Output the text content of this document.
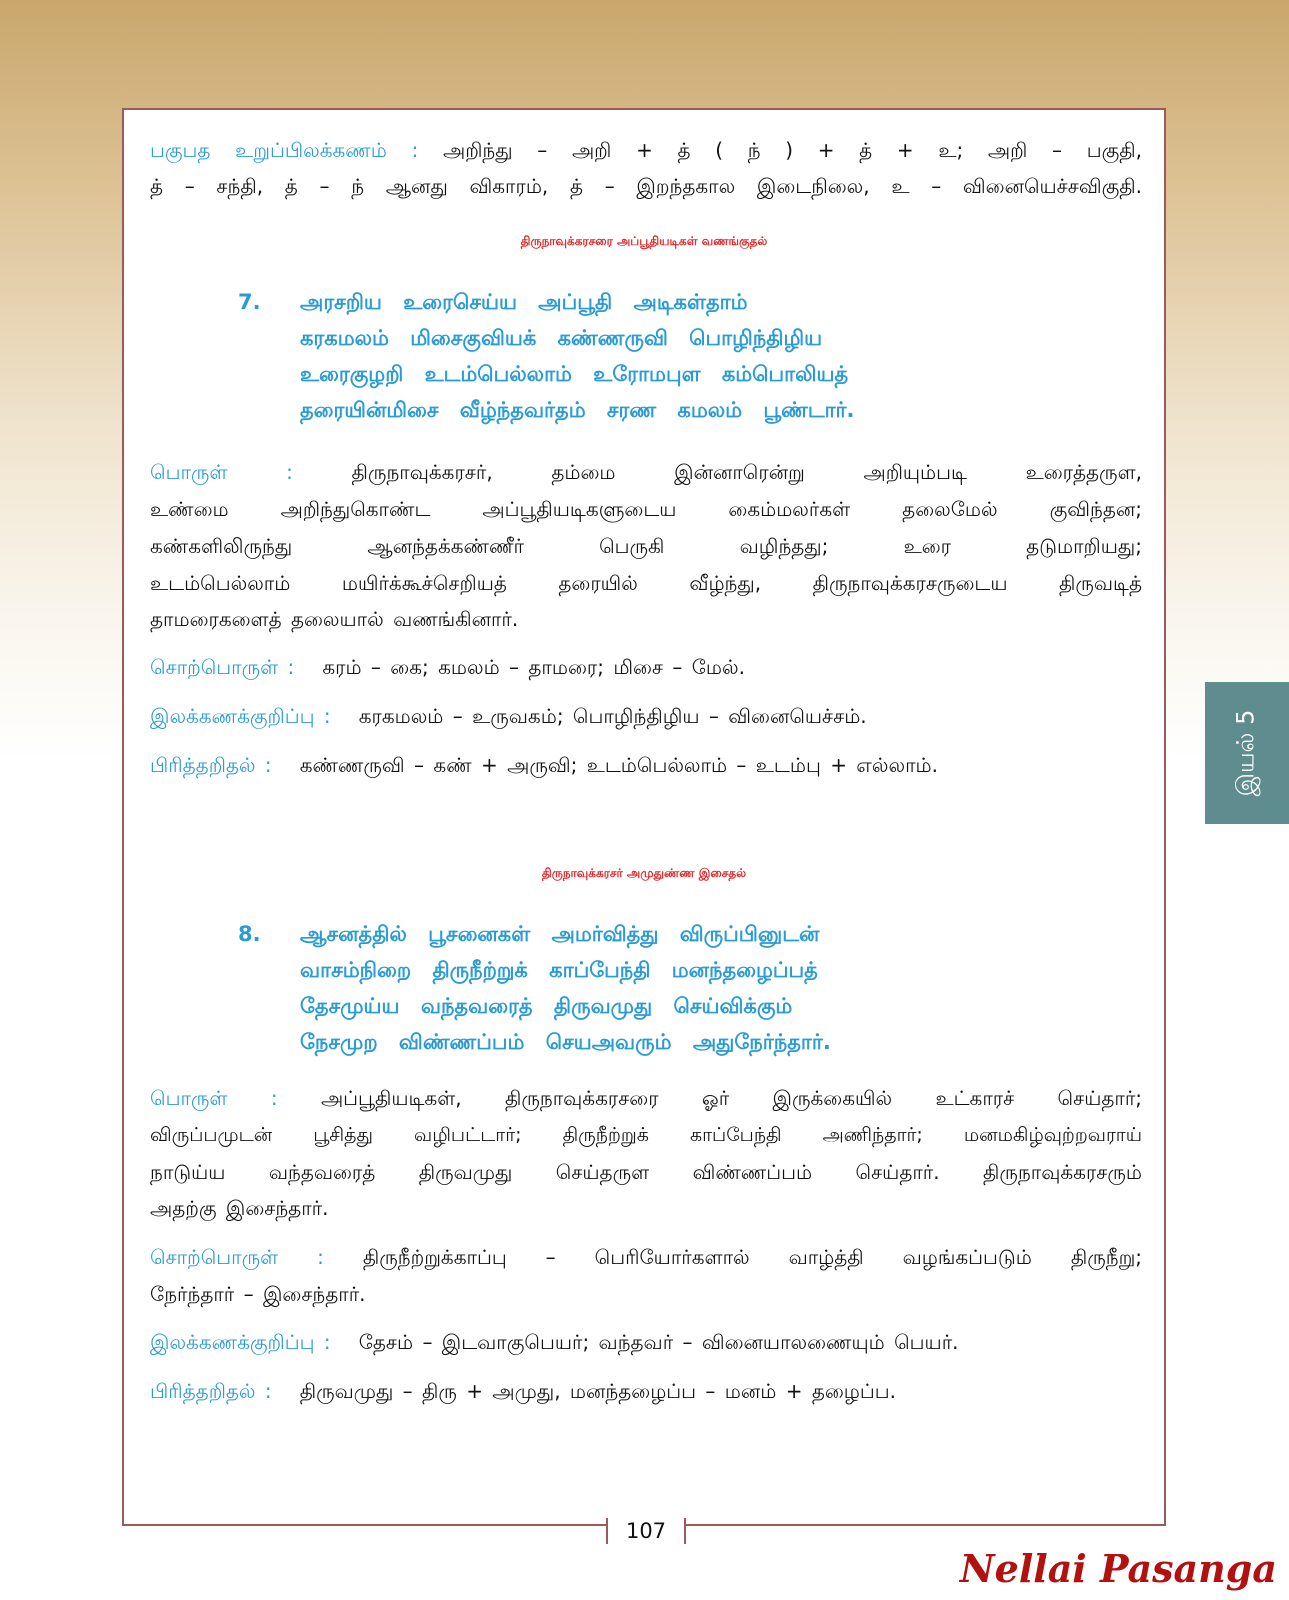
பகுபத உறுப்பிலக்கணம் : அறிந்து – அறி + த் ( ந் ) + த் + உ; அறி – பகுதி,
த் – சந்தி, த் – ந் ஆனது விகாரம், த் – இறந்தகால இடைநிலை, உ – வினையெச்சவிகுதி.
திருநாவுக்கரசரை அப்பூதியடிகள் வணங்குதல்
7. அரசறிய உரைசெய்ய அப்பூதி அடிகள்தாம்
கரகமலம் மிசைகுவியக் கண்ணருவி பொழிந்திழிய
உரைகுழறி உடம்பெல்லாம் உரோமபுள கம்பொலியத்
தரையின்மிசை வீழ்ந்தவர்தம் சரண கமலம் பூண்டார்.
பொருள் :	திருநாவுக்கரசர், தம்மை இன்னாரென்று அறியும்படி உரைத்தருள,
உண்மை அறிந்துகொண்ட அப்பூதியடிகளுடைய கைம்மலர்கள் தலைமேல் குவிந்தன;
கண்களிலிருந்து ஆனந்தக்கண்ணீர் பெருகி வழிந்தது; உரை தடுமாறியது;
உடம்பெல்லாம் மயிர்க்கூச்செறியத் தரையில் வீழ்ந்து, திருநாவுக்கரசருடைய திருவடித்
தாமரைகளைத் தலையால் வணங்கினார்.
சொற்பொருள் : கரம் – கை; கமலம் – தாமரை; மிசை – மேல்.
இலக்கணக்குறிப்பு : கரகமலம் – உருவகம்; பொழிந்திழிய – வினையெச்சம்.
பிரித்தறிதல் : கண்ணருவி – கண் + அருவி; உடம்பெல்லாம் – உடம்பு + எல்லாம்.
திருநாவுக்கரசர் அமுதுண்ண இசைதல்
8. ஆசனத்தில் பூசனைகள் அமர்வித்து விருப்பினுடன்
வாசம்நிறை திருநீற்றுக் காப்பேந்தி மனந்தழைப்பத்
தேசமுய்ய வந்தவரைத் திருவமுது செய்விக்கும்
நேசமுற விண்ணப்பம் செயஅவரும் அதுநேர்ந்தார்.
பொருள் : அப்பூதியடிகள், திருநாவுக்கரசரை ஓர் இருக்கையில் உட்காரச் செய்தார்;
விருப்பமுடன் பூசித்து வழிபட்டார்; திருநீற்றுக் காப்பேந்தி அணிந்தார்; மனமகிழ்வுற்றவராய்
நாடுய்ய வந்தவரைத் திருவமுது செய்தருள விண்ணப்பம் செய்தார். திருநாவுக்கரசரும்
அதற்கு இசைந்தார்.
சொற்பொருள் : திருநீற்றுக்காப்பு – பெரியோர்களால் வாழ்த்தி வழங்கப்படும் திருநீறு;
நேர்ந்தார் – இசைந்தார்.
இலக்கணக்குறிப்பு : தேசம் – இடவாகுபெயர்; வந்தவர் – வினையாலணையும் பெயர்.
பிரித்தறிதல் : திருவமுது – திரு + அமுது, மனந்தழைப்ப – மனம் + தழைப்ப.
இயல் 5
107
Nellai Pasanga
